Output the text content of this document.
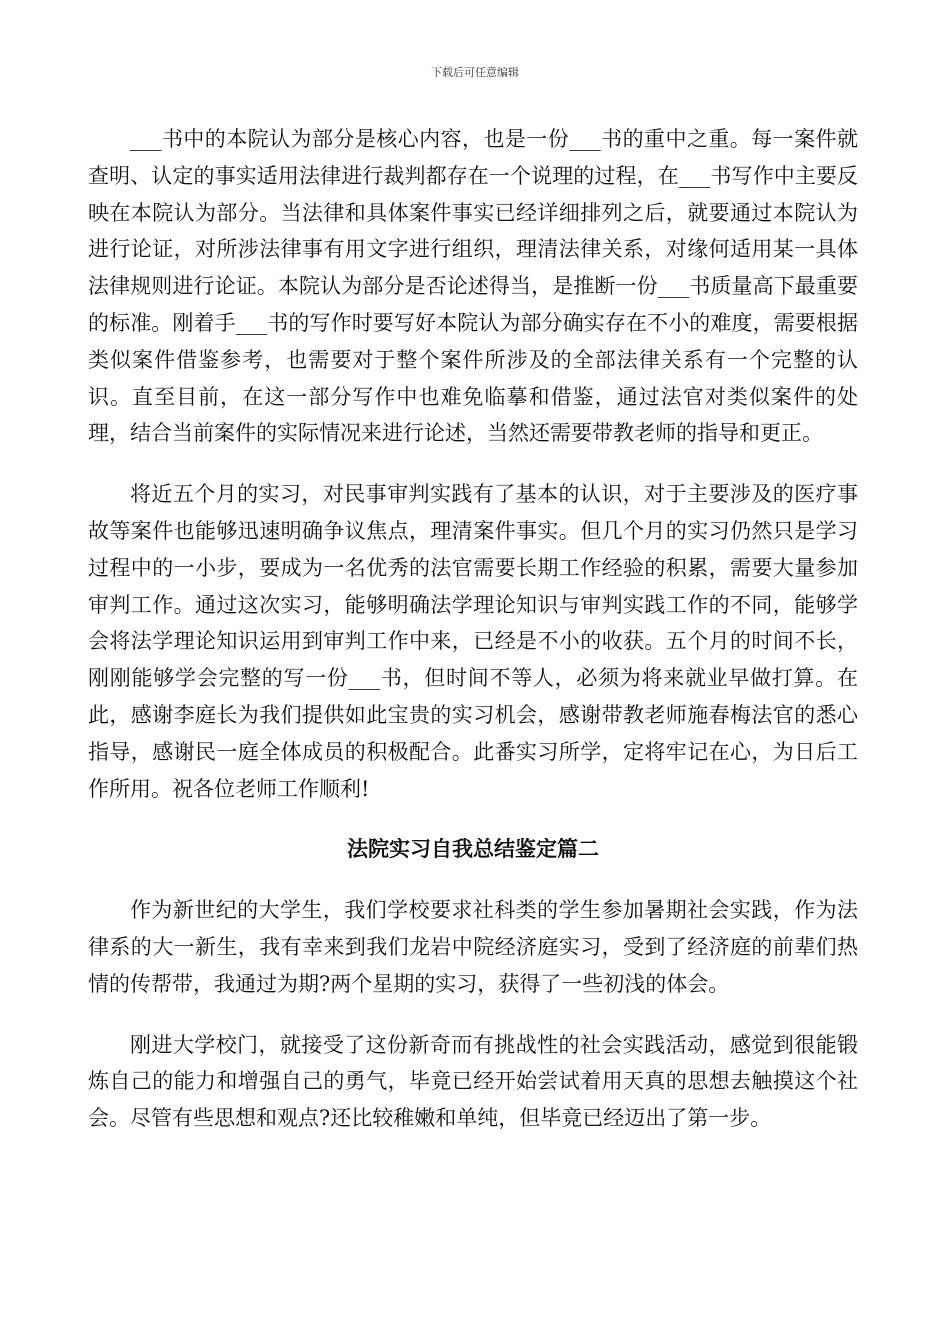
下载后可任意编辑

___书中的本院认为部分是核心内容，也是一份___书的重中之重。每一案件就查明、认定的事实适用法律进行裁判都存在一个说理的过程，在___书写作中主要反映在本院认为部分。当法律和具体案件事实已经详细排列之后，就要通过本院认为进行论证，对所涉法律事有用文字进行组织，理清法律关系，对缘何适用某一具体法律规则进行论证。本院认为部分是否论述得当，是推断一份___书质量高下最重要的标准。刚着手___书的写作时要写好本院认为部分确实存在不小的难度，需要根据类似案件借鉴参考，也需要对于整个案件所涉及的全部法律关系有一个完整的认识。直至目前，在这一部分写作中也难免临摹和借鉴，通过法官对类似案件的处理，结合当前案件的实际情况来进行论述，当然还需要带教老师的指导和更正。

将近五个月的实习，对民事审判实践有了基本的认识，对于主要涉及的医疗事故等案件也能够迅速明确争议焦点，理清案件事实。但几个月的实习仍然只是学习过程中的一小步，要成为一名优秀的法官需要长期工作经验的积累，需要大量参加审判工作。通过这次实习，能够明确法学理论知识与审判实践工作的不同，能够学会将法学理论知识运用到审判工作中来，已经是不小的收获。五个月的时间不长，刚刚能够学会完整的写一份___书，但时间不等人，必须为将来就业早做打算。在此，感谢李庭长为我们提供如此宝贵的实习机会，感谢带教老师施春梅法官的悉心指导，感谢民一庭全体成员的积极配合。此番实习所学，定将牢记在心，为日后工作所用。祝各位老师工作顺利!

法院实习自我总结鉴定篇二

作为新世纪的大学生，我们学校要求社科类的学生参加暑期社会实践，作为法律系的大一新生，我有幸来到我们龙岩中院经济庭实习，受到了经济庭的前辈们热情的传帮带，我通过为期?两个星期的实习，获得了一些初浅的体会。

刚进大学校门，就接受了这份新奇而有挑战性的社会实践活动，感觉到很能锻炼自己的能力和增强自己的勇气，毕竟已经开始尝试着用天真的思想去触摸这个社会。尽管有些思想和观点?还比较稚嫩和单纯，但毕竟已经迈出了第一步。
